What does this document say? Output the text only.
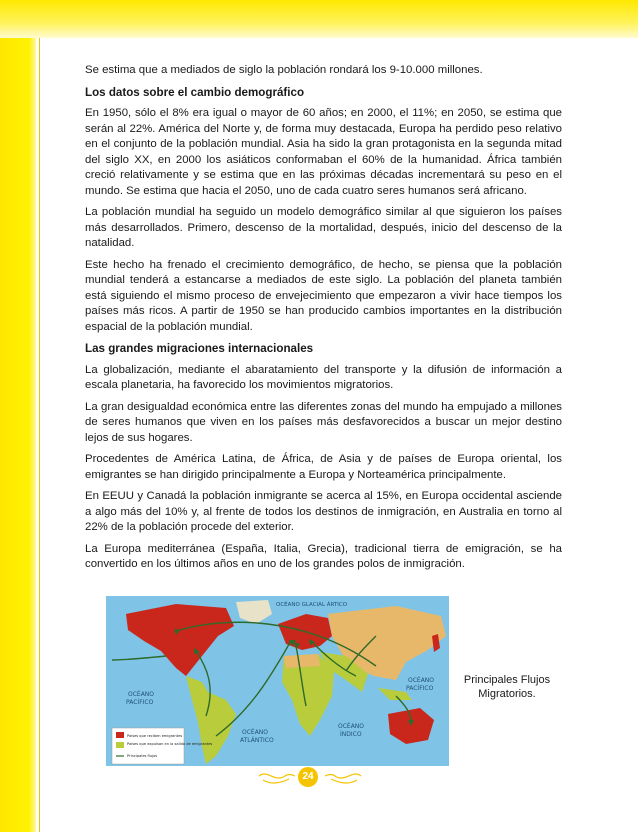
Se estima que a mediados de siglo la población rondará los 9-10.000 millones.

Los datos sobre el cambio demográfico

En 1950, sólo el 8% era igual o mayor de 60 años; en 2000, el 11%; en 2050, se estima que serán al 22%. América del Norte y, de forma muy destacada, Europa ha perdido peso relativo en el conjunto de la población mundial. Asia ha sido la gran protagonista en la segunda mitad del siglo XX, en 2000 los asiáticos conformaban el 60% de la humanidad. África también creció relativamente y se estima que en las próximas décadas incrementará su peso en el mundo. Se estima que hacia el 2050, uno de cada cuatro seres humanos será africano.

La población mundial ha seguido un modelo demográfico similar al que siguieron los países más desarrollados. Primero, descenso de la mortalidad, después, inicio del descenso de la natalidad.

Este hecho ha frenado el crecimiento demográfico, de hecho, se piensa que la población mundial tenderá a estancarse a mediados de este siglo. La población del planeta también está siguiendo el mismo proceso de envejecimiento que empezaron a vivir hace tiempos los países más ricos. A partir de 1950 se han producido cambios importantes en la distribución espacial de la población mundial.

Las grandes migraciones internacionales

La globalización, mediante el abaratamiento del transporte y la difusión de información a escala planetaria, ha favorecido los movimientos migratorios.

La gran desigualdad económica entre las diferentes zonas del mundo ha empujado a millones de seres humanos que viven en los países más desfavorecidos a buscar un mejor destino lejos de sus hogares.

Procedentes de América Latina, de África, de Asia y de países de Europa oriental, los emigrantes se han dirigido principalmente a Europa y Norteamérica principalmente.

En EEUU y Canadá la población inmigrante se acerca al 15%, en Europa occidental asciende a algo más del 10% y, al frente de todos los destinos de inmigración, en Australia en torno al 22% de la población procede del exterior.

La Europa mediterránea (España, Italia, Grecia), tradicional tierra de emigración, se ha convertido en los últimos años en uno de los grandes polos de inmigración.

OCÉANO GLACIAL ÁRTICO
OCÉANO
PACÍFICO
OCÉANO
ATLÁNTICO
OCÉANO
ÍNDICO
OCÉANO
PACÍFICO
Paises que reciben emigrantes
Paises que expulsan en la salida de emigrantes
Principales flujos
Principales Flujos Migratorios.
24
